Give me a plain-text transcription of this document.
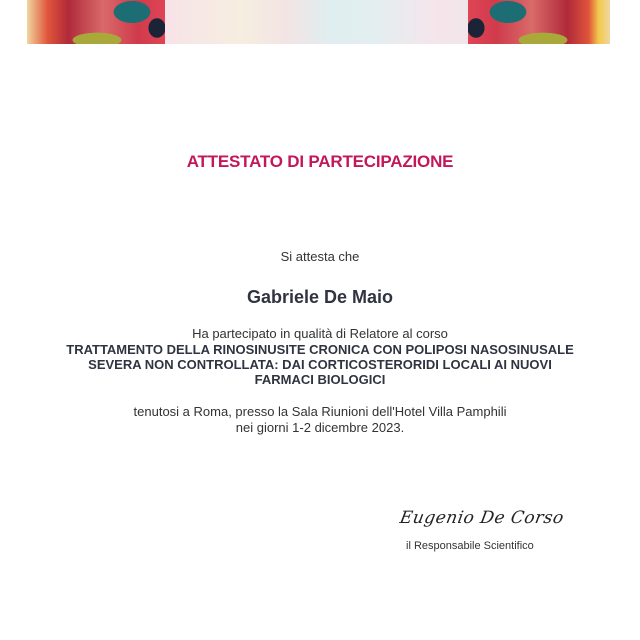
ATTESTATO DI PARTECIPAZIONE
Si attesta che
Gabriele De Maio
Ha partecipato in qualità di Relatore al corso
TRATTAMENTO DELLA RINOSINUSITE CRONICA CON POLIPOSI NASOSINUSALE SEVERA NON CONTROLLATA: DAI CORTICOSTERORIDI LOCALI AI NUOVI FARMACI BIOLOGICI
tenutosi a Roma, presso la Sala Riunioni dell'Hotel Villa Pamphili
nei giorni 1-2 dicembre 2023.
Eugenio De Corso
il Responsabile Scientifico
